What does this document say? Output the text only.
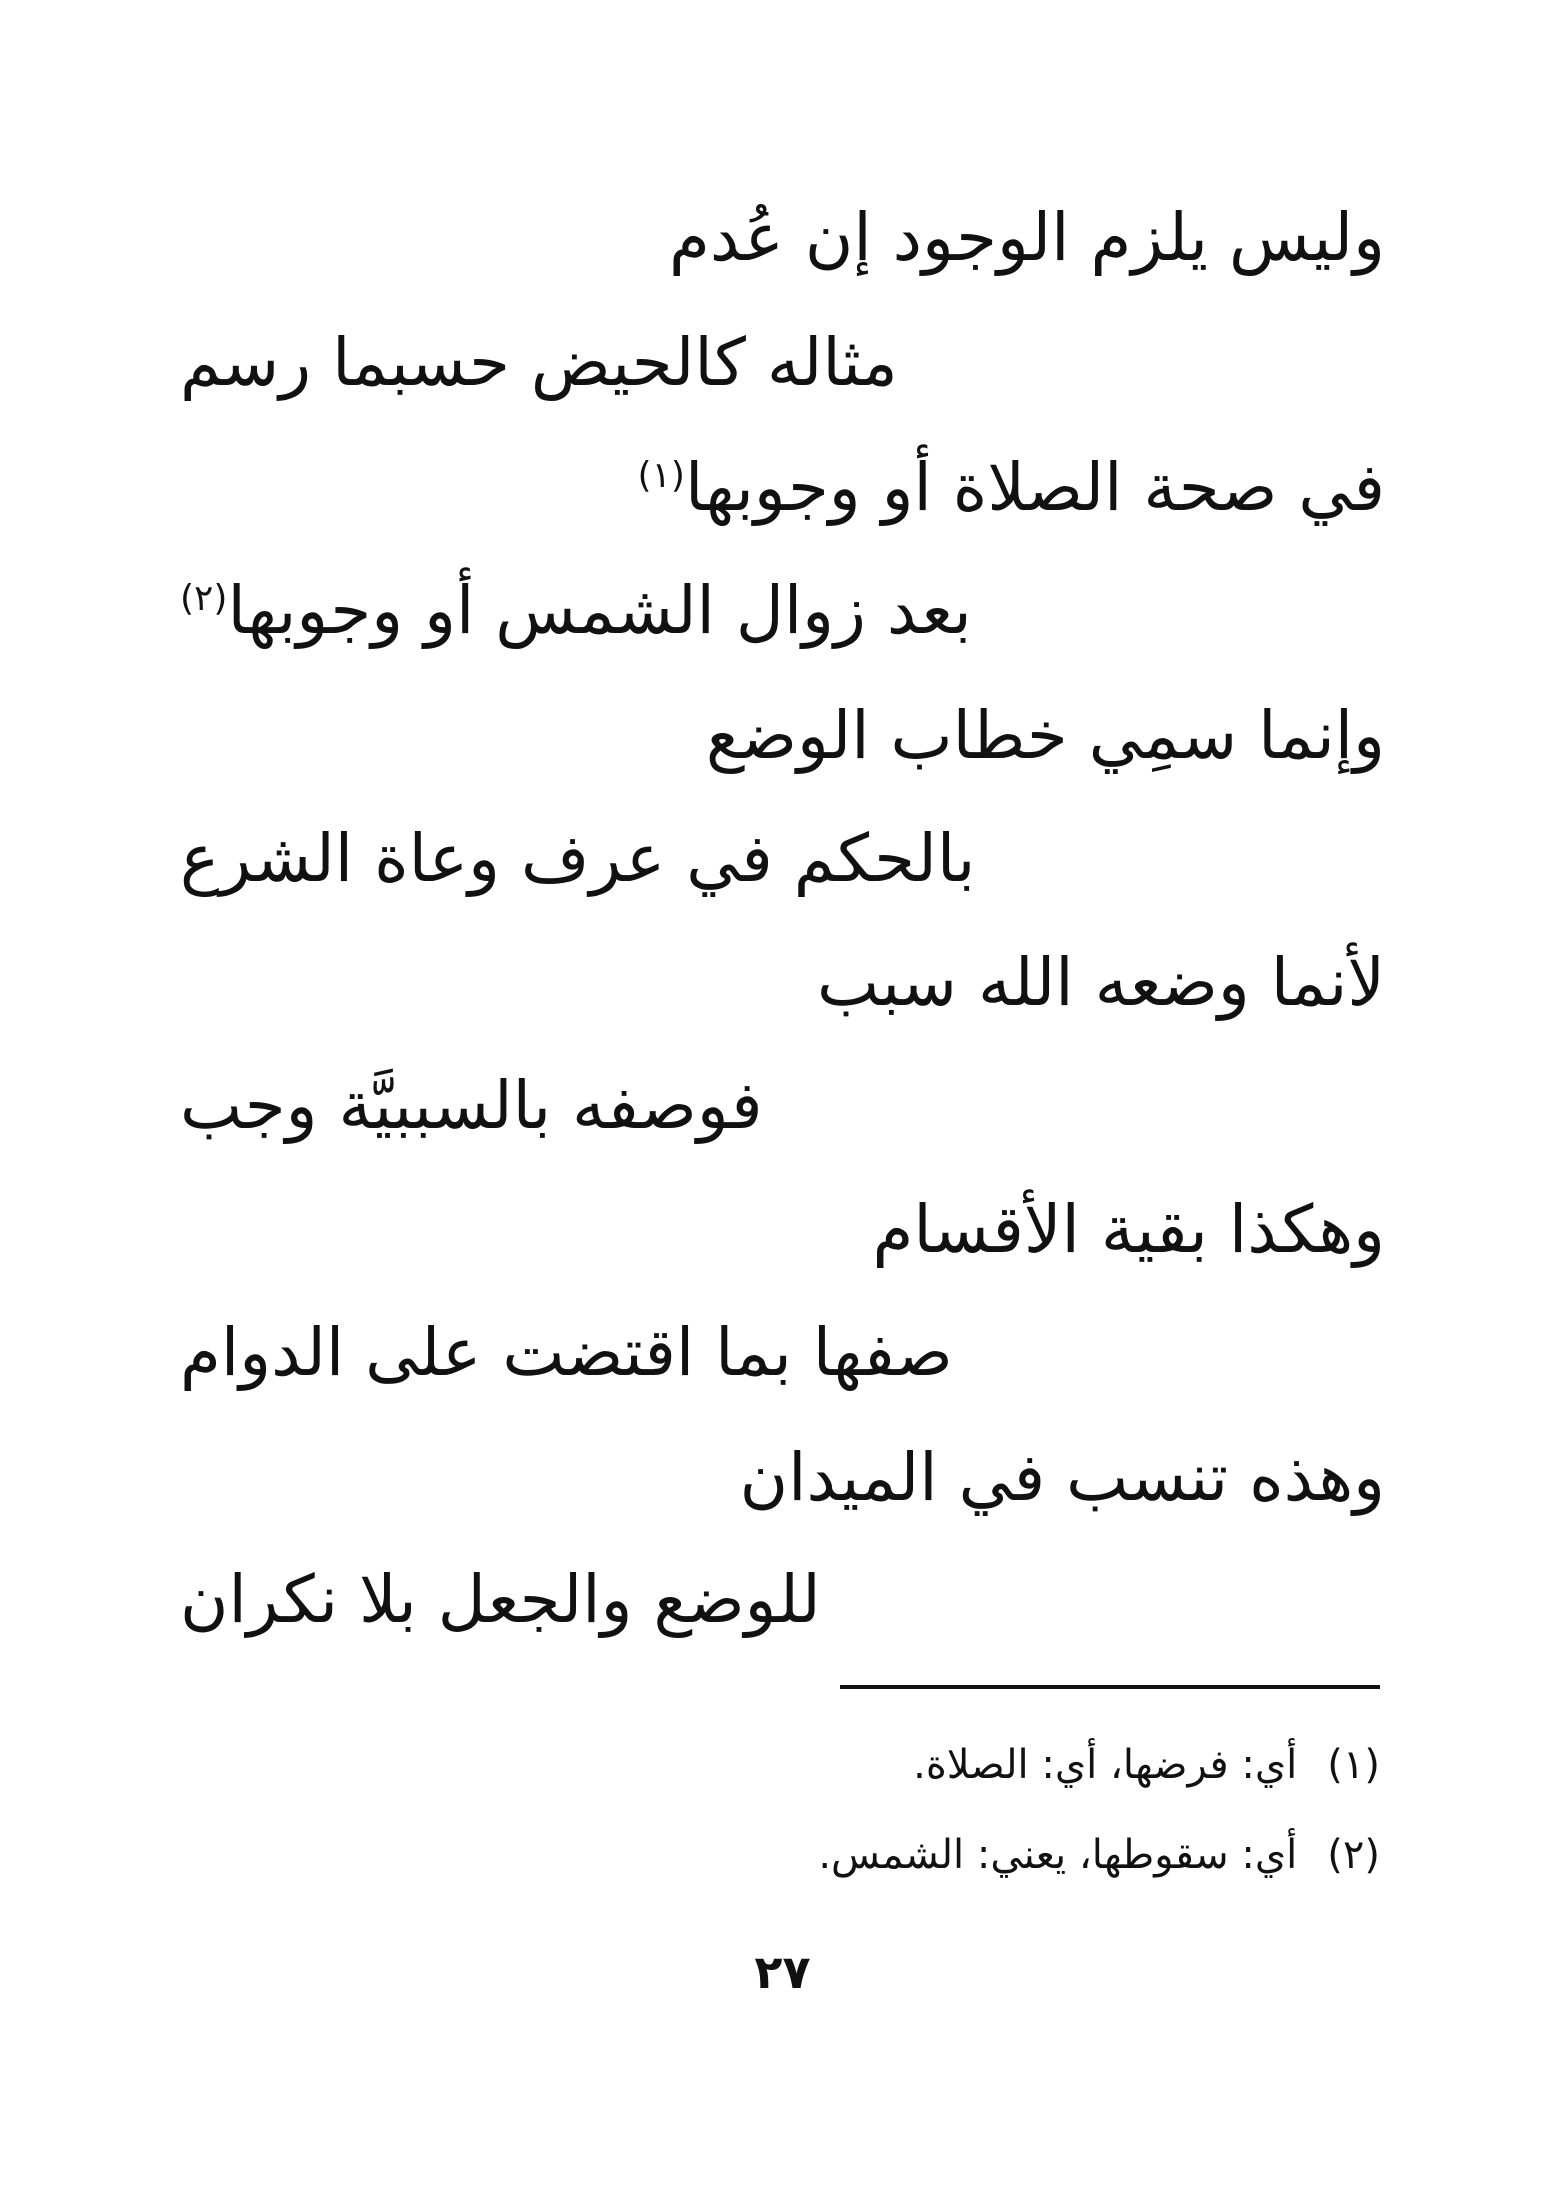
وليس يلزم الوجود إن عُدم
مثاله كالحيض حسبما رسم
في صحة الصلاة أو وجوبها$^{(١)}$
بعد زوال الشمس أو وجوبها$^{(٢)}$
وإنما سمِي خطاب الوضع
بالحكم في عرف وعاة الشرع
لأنما وضعه الله سبب
فوصفه بالسببيَّة وجب
وهكذا بقية الأقسام
صفها بما اقتضت على الدوام
وهذه تنسب في الميدان
للوضع والجعل بلا نكران
(١)أي: فرضها، أي: الصلاة.
(٢)أي: سقوطها، يعني: الشمس.
٢٧
